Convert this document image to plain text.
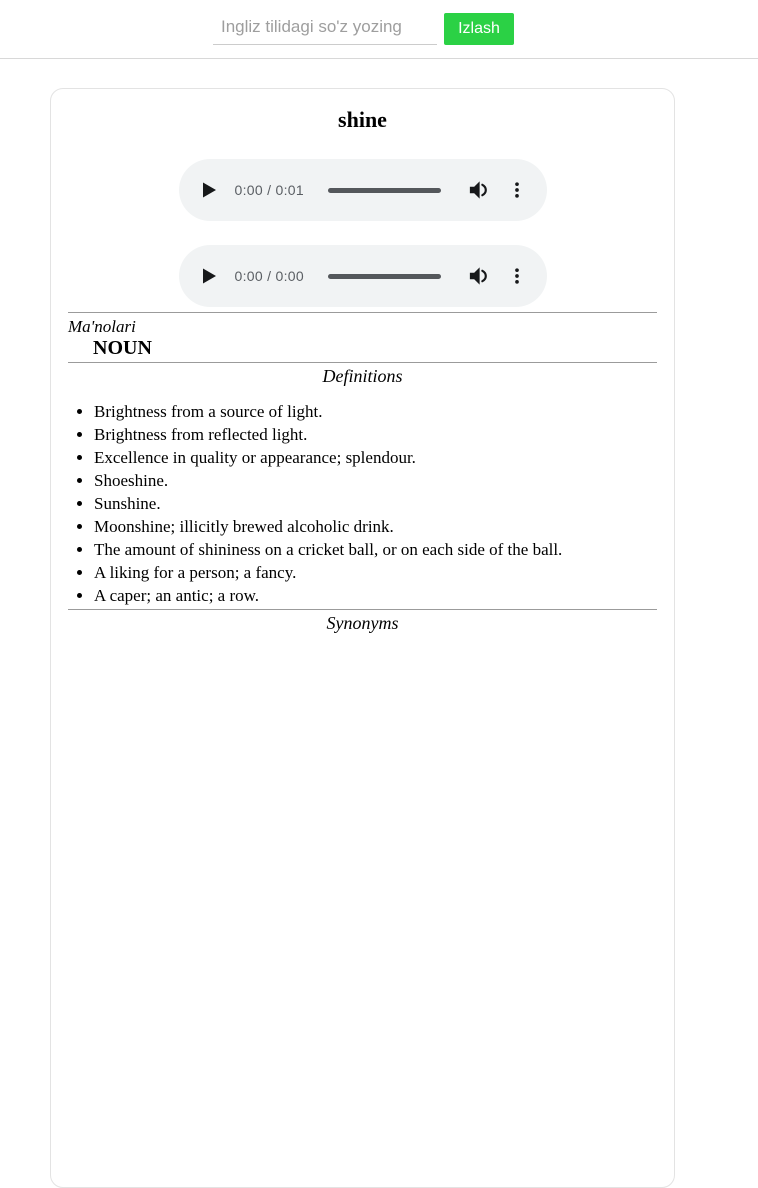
Ingliz tilidagi so'z yozing
Izlash
shine
0:00 / 0:01
0:00 / 0:00
Ma'nolari
NOUN
Definitions
• Brightness from a source of light.
• Brightness from reflected light.
• Excellence in quality or appearance; splendour.
• Shoeshine.
• Sunshine.
• Moonshine; illicitly brewed alcoholic drink.
• The amount of shininess on a cricket ball, or on each side of the ball.
• A liking for a person; a fancy.
• A caper; an antic; a row.
Synonyms
